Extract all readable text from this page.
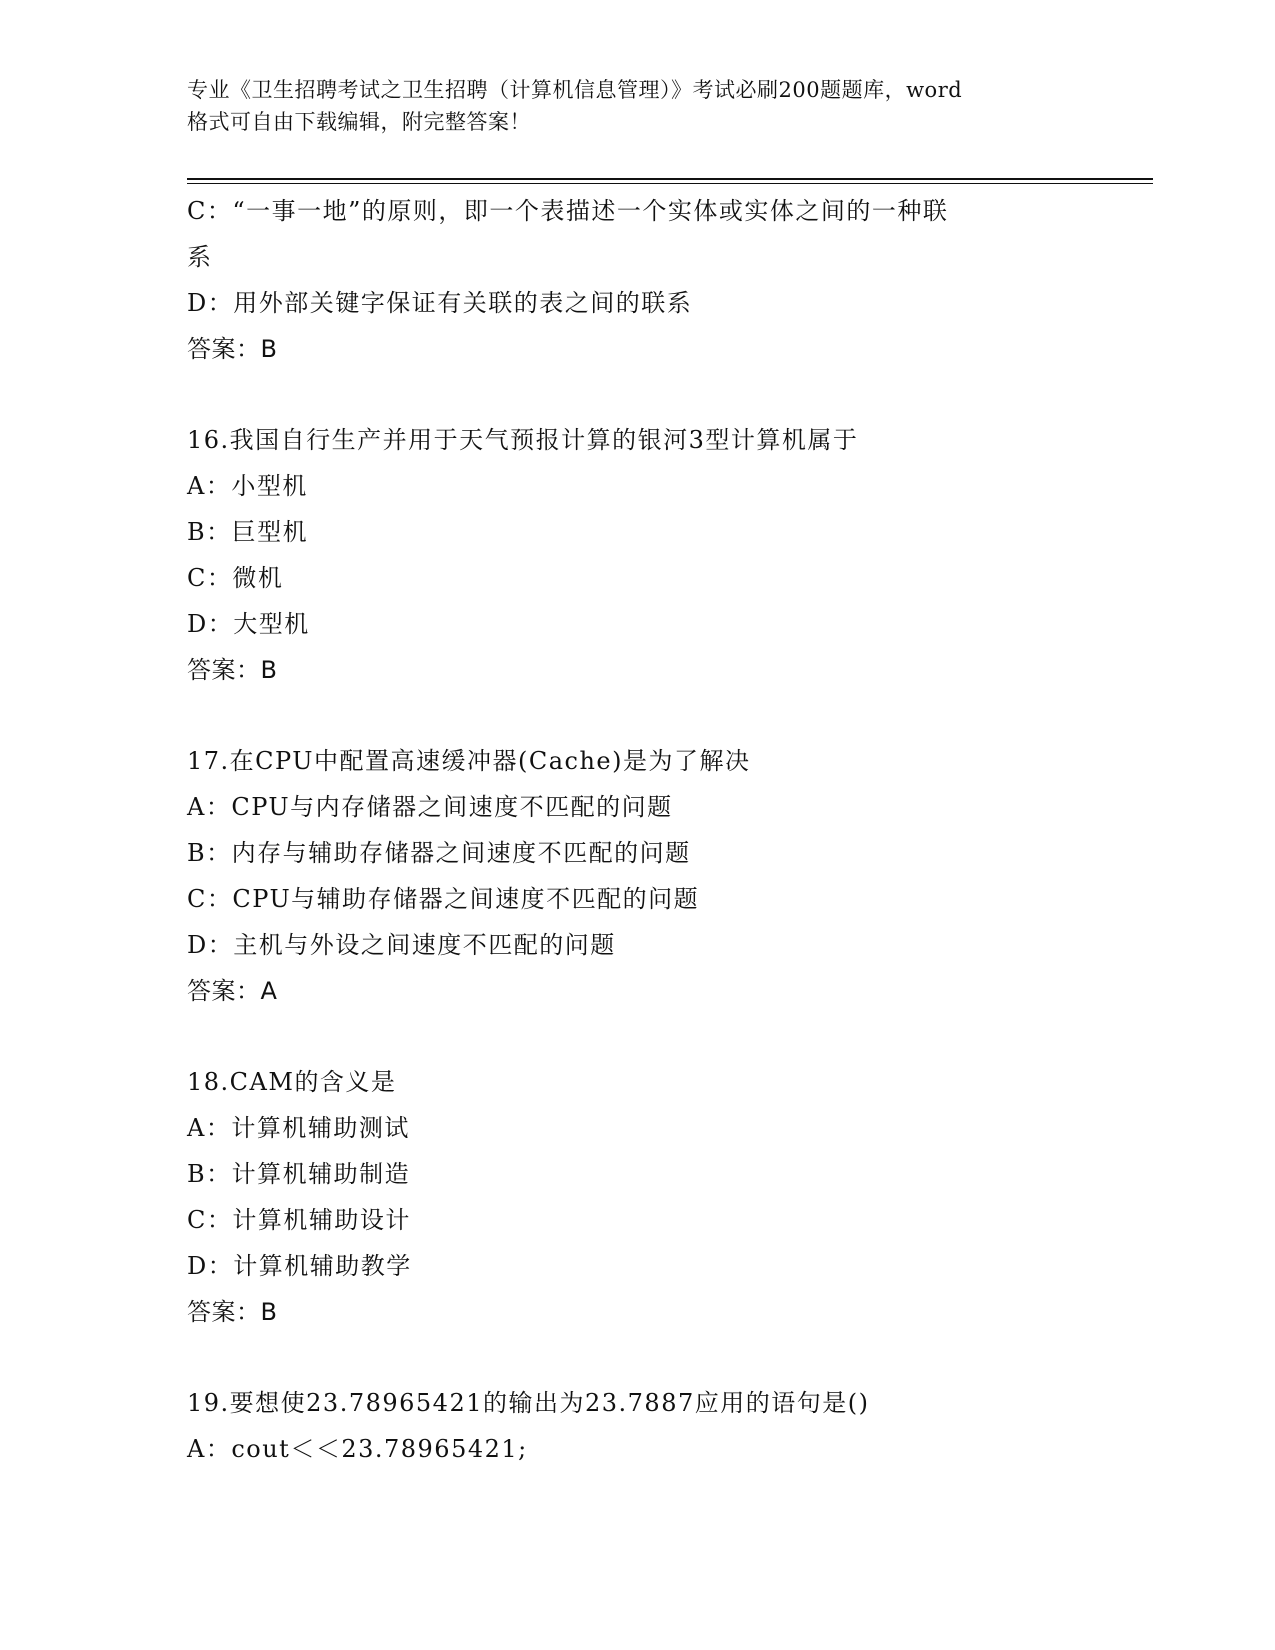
专业《卫生招聘考试之卫生招聘（计算机信息管理）》考试必刷200题题库，word
格式可自由下载编辑，附完整答案！
C：“一事一地”的原则，即一个表描述一个实体或实体之间的一种联
系
D：用外部关键字保证有关联的表之间的联系
答案：B
16.我国自行生产并用于天气预报计算的银河3型计算机属于
A：小型机
B：巨型机
C：微机
D：大型机
答案：B
17.在CPU中配置高速缓冲器(Cache)是为了解决
A：CPU与内存储器之间速度不匹配的问题
B：内存与辅助存储器之间速度不匹配的问题
C：CPU与辅助存储器之间速度不匹配的问题
D：主机与外设之间速度不匹配的问题
答案：A
18.CAM的含义是
A：计算机辅助测试
B：计算机辅助制造
C：计算机辅助设计
D：计算机辅助教学
答案：B
19.要想使23.78965421的输出为23.7887应用的语句是()
A：cout＜＜23.78965421;
